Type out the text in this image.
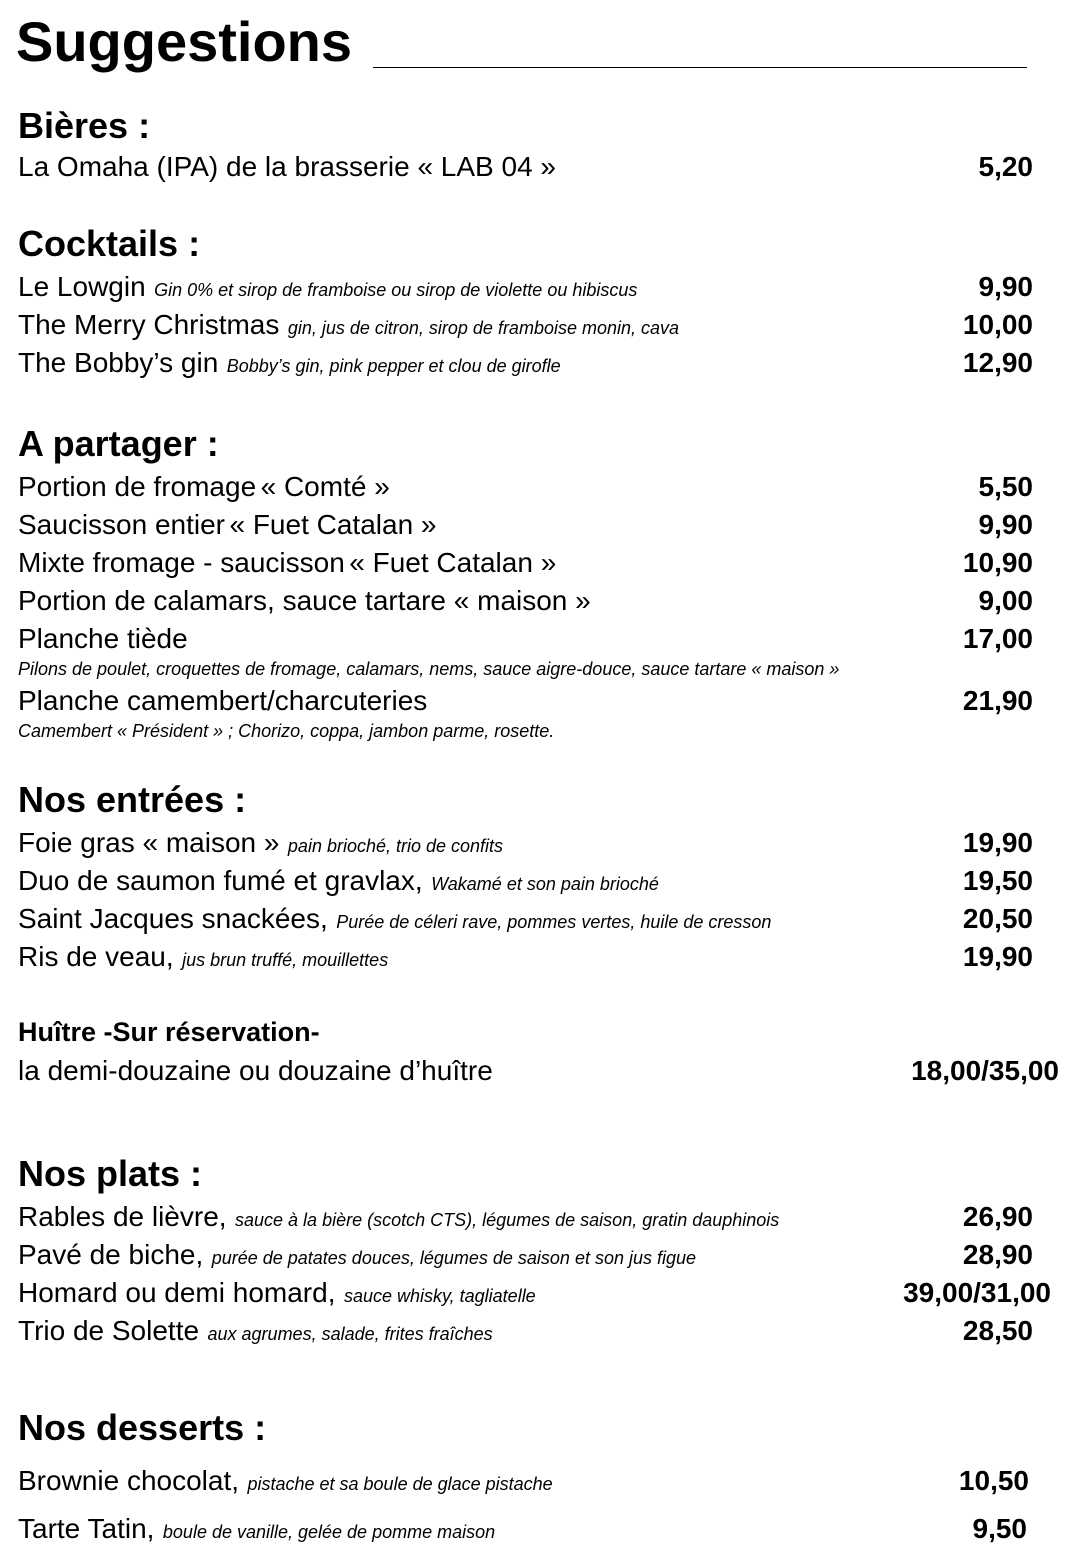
Suggestions
Bières :
La Omaha (IPA) de la brasserie « LAB 04 »	5,20
Cocktails :
Le Lowgin Gin 0% et sirop de framboise ou sirop de violette ou hibiscus	9,90
The Merry Christmas gin, jus de citron, sirop de framboise monin, cava	10,00
The Bobby’s gin Bobby’s gin, pink pepper et clou de girofle	12,90
A partager :
Portion de fromage « Comté »	5,50
Saucisson entier « Fuet Catalan »	9,90
Mixte fromage - saucisson « Fuet Catalan »	10,90
Portion de calamars, sauce tartare « maison »	9,00
Planche tiède	17,00
Pilons de poulet, croquettes de fromage, calamars, nems, sauce aigre-douce, sauce tartare « maison »
Planche camembert/charcuteries	21,90
Camembert « Président » ; Chorizo, coppa, jambon parme, rosette.
Nos entrées :
Foie gras « maison » pain brioché, trio de confits	19,90
Duo de saumon fumé et gravlax, Wakamé et son pain brioché	19,50
Saint Jacques snackées, Purée de céleri rave, pommes vertes, huile de cresson	20,50
Ris de veau, jus brun truffé, mouillettes	19,90
Huître -Sur réservation-
la demi-douzaine ou douzaine d’huître	18,00/35,00
Nos plats :
Rables de lièvre, sauce à la bière (scotch CTS), légumes de saison, gratin dauphinois	26,90
Pavé de biche, purée de patates douces, légumes de saison et son jus figue	28,90
Homard ou demi homard, sauce whisky, tagliatelle	39,00/31,00
Trio de Solette aux agrumes, salade, frites fraîches	28,50
Nos desserts :
Brownie chocolat, pistache et sa boule de glace pistache	10,50
Tarte Tatin, boule de vanille, gelée de pomme maison	9,50
